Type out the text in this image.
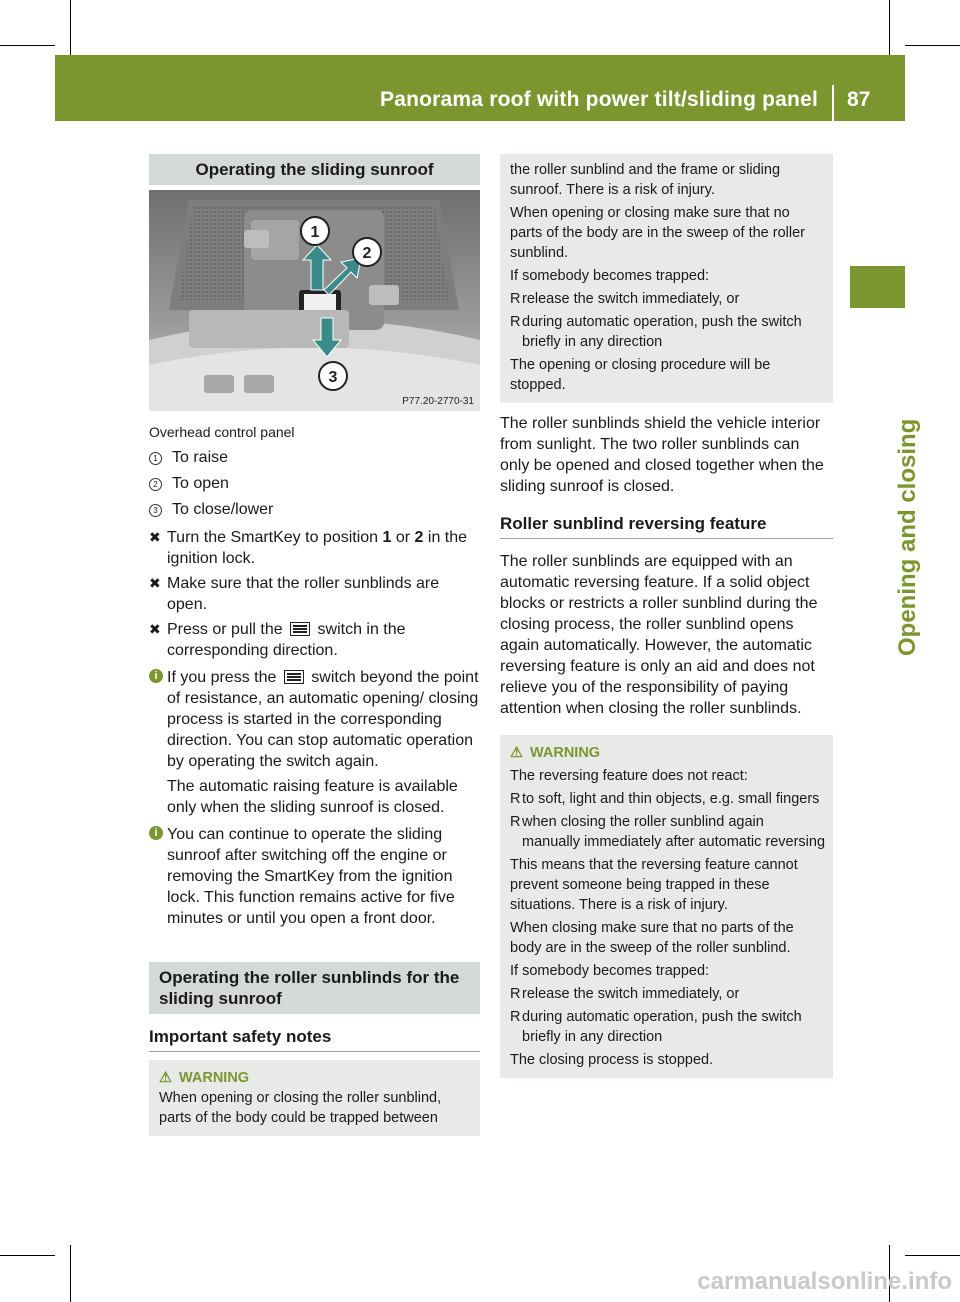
Panorama roof with power tilt/sliding panel 87
Opening and closing
Operating the sliding sunroof
1
2
3
P77.20-2770-31

Overhead control panel

1 To raise
2 To open
3 To close/lower
✖ Turn the SmartKey to position 1 or 2 in the ignition lock.
✖ Make sure that the roller sunblinds are open.
✖ Press or pull the
switch in the corresponding direction.
i If you press the
switch beyond the point of resistance, an automatic opening/ closing process is started in the corresponding direction. You can stop automatic operation by operating the switch again.

The automatic raising feature is available only when the sliding sunroof is closed.

i You can continue to operate the sliding sunroof after switching off the engine or removing the SmartKey from the ignition lock. This function remains active for five minutes or until you open a front door.

Operating the roller sunblinds for the sliding sunroof
Important safety notes
⚠ WARNING

When opening or closing the roller sunblind, parts of the body could be trapped between

the roller sunblind and the frame or sliding sunroof. There is a risk of injury.

When opening or closing make sure that no parts of the body are in the sweep of the roller sunblind.

If somebody becomes trapped:

R release the switch immediately, or
R during automatic operation, push the switch briefly in any direction

The opening or closing procedure will be stopped.

The roller sunblinds shield the vehicle interior from sunlight. The two roller sunblinds can only be opened and closed together when the sliding sunroof is closed.

Roller sunblind reversing feature

The roller sunblinds are equipped with an automatic reversing feature. If a solid object blocks or restricts a roller sunblind during the closing process, the roller sunblind opens again automatically. However, the automatic reversing feature is only an aid and does not relieve you of the responsibility of paying attention when closing the roller sunblinds.

⚠ WARNING

The reversing feature does not react:

R to soft, light and thin objects, e.g. small fingers
R when closing the roller sunblind again manually immediately after automatic reversing

This means that the reversing feature cannot prevent someone being trapped in these situations. There is a risk of injury.

When closing make sure that no parts of the body are in the sweep of the roller sunblind.

If somebody becomes trapped:

R release the switch immediately, or
R during automatic operation, push the switch briefly in any direction

The closing process is stopped.

carmanualsonline.info
